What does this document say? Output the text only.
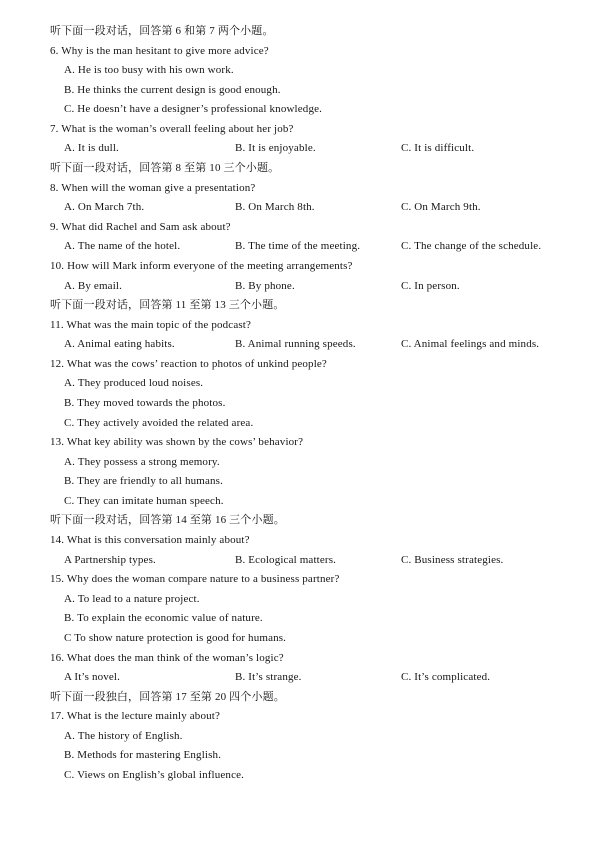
听下面一段对话，回答第 6 和第 7 两个小题。
6. Why is the man hesitant to give more advice?
A. He is too busy with his own work.
B. He thinks the current design is good enough.
C. He doesn’t have a designer’s professional knowledge.
7. What is the woman’s overall feeling about her job?
A. It is dull.	B. It is enjoyable.	C. It is difficult.
听下面一段对话，回答第 8 至第 10 三个小题。
8. When will the woman give a presentation?
A. On March 7th.	B. On March 8th.	C. On March 9th.
9. What did Rachel and Sam ask about?
A. The name of the hotel.	B. The time of the meeting.	C. The change of the schedule.
10. How will Mark inform everyone of the meeting arrangements?
A. By email.	B. By phone.	C. In person.
听下面一段对话，回答第 11 至第 13 三个小题。
11. What was the main topic of the podcast?
A. Animal eating habits.	B. Animal running speeds.	C. Animal feelings and minds.
12. What was the cows’ reaction to photos of unkind people?
A. They produced loud noises.
B. They moved towards the photos.
C. They actively avoided the related area.
13. What key ability was shown by the cows’ behavior?
A. They possess a strong memory.
B. They are friendly to all humans.
C. They can imitate human speech.
听下面一段对话，回答第 14 至第 16 三个小题。
14. What is this conversation mainly about?
A Partnership types.	B. Ecological matters.	C. Business strategies.
15. Why does the woman compare nature to a business partner?
A. To lead to a nature project.
B. To explain the economic value of nature.
C To show nature protection is good for humans.
16. What does the man think of the woman’s logic?
A It’s novel.	B. It’s strange.	C. It’s complicated.
听下面一段独白，回答第 17 至第 20 四个小题。
17. What is the lecture mainly about?
A. The history of English.
B. Methods for mastering English.
C. Views on English’s global influence.
